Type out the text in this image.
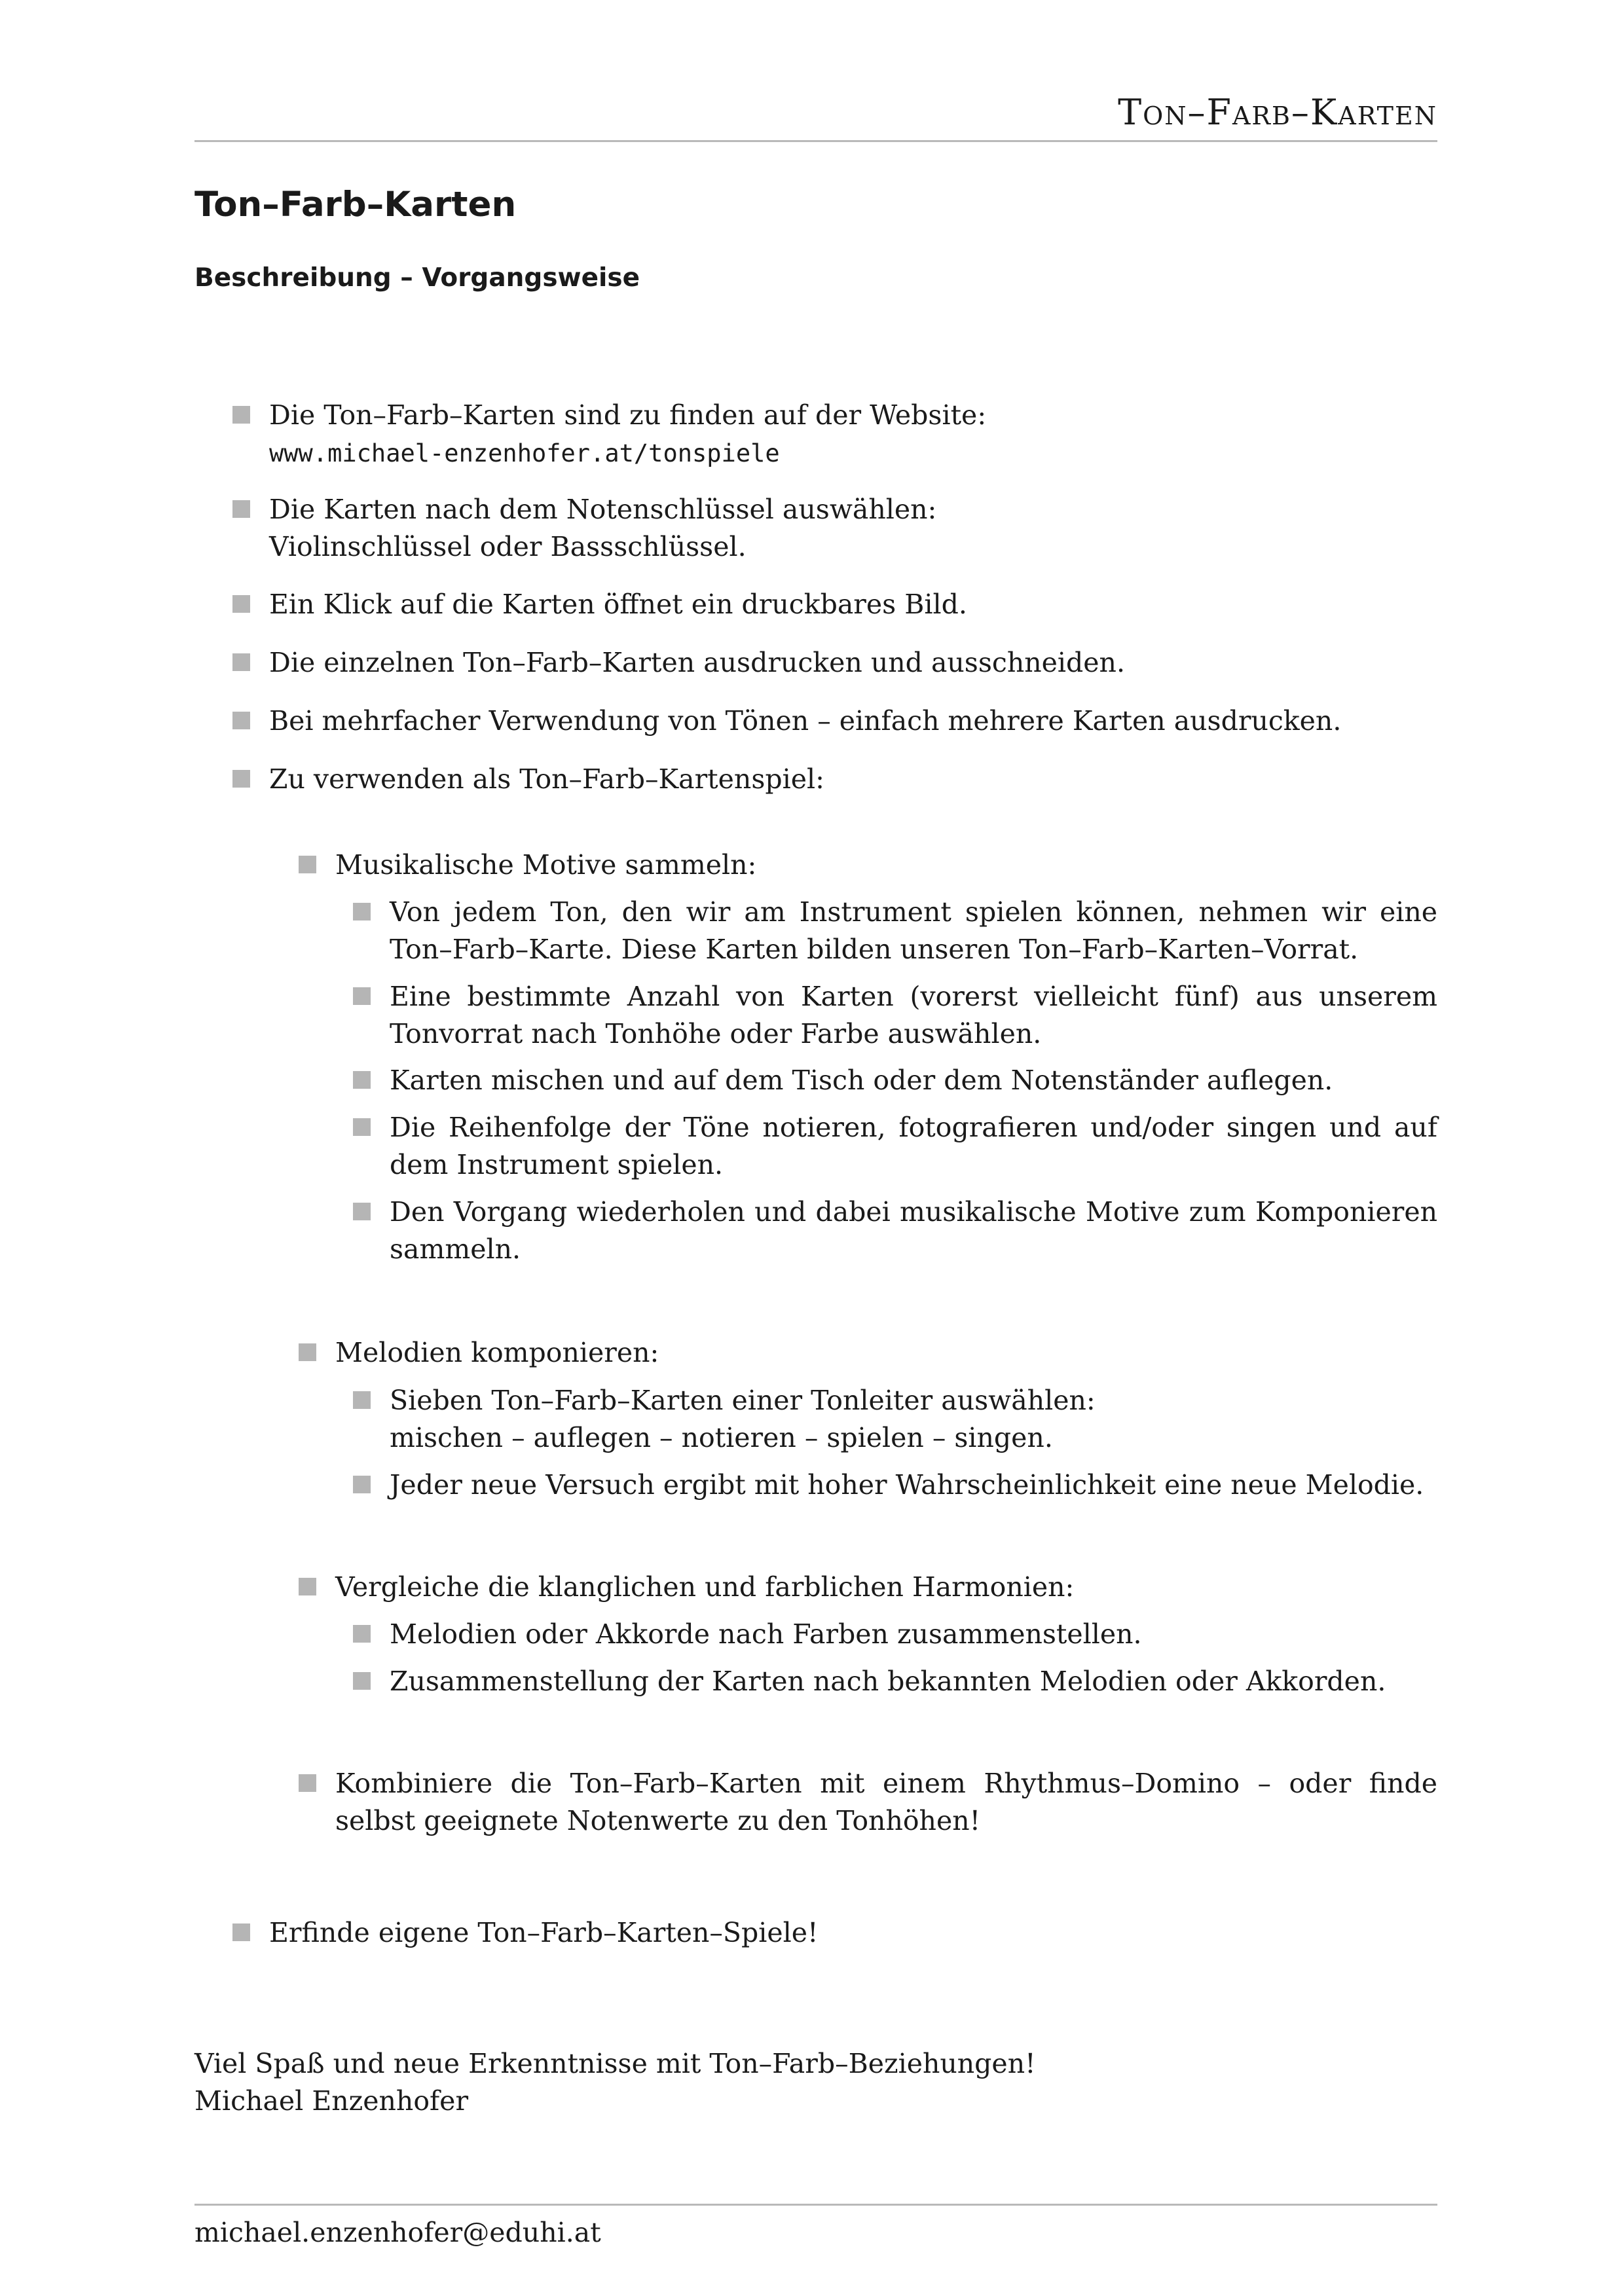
Ton–Farb–Karten
Ton–Farb–Karten
Beschreibung – Vorgangsweise
Die Ton–Farb–Karten sind zu finden auf der Website:
www.michael-enzenhofer.at/tonspiele
Die Karten nach dem Notenschlüssel auswählen:
Violinschlüssel oder Bassschlüssel.
Ein Klick auf die Karten öffnet ein druckbares Bild.
Die einzelnen Ton–Farb–Karten ausdrucken und ausschneiden.
Bei mehrfacher Verwendung von Tönen – einfach mehrere Karten ausdrucken.
Zu verwenden als Ton–Farb–Kartenspiel:
Musikalische Motive sammeln:
Von jedem Ton, den wir am Instrument spielen können, nehmen wir eine Ton–Farb–Karte. Diese Karten bilden unseren Ton–Farb–Karten–Vorrat.
Eine bestimmte Anzahl von Karten (vorerst vielleicht fünf) aus unserem Tonvorrat nach Tonhöhe oder Farbe auswählen.
Karten mischen und auf dem Tisch oder dem Notenständer auflegen.
Die Reihenfolge der Töne notieren, fotografieren und/oder singen und auf dem Instrument spielen.
Den Vorgang wiederholen und dabei musikalische Motive zum Komponieren sammeln.
Melodien komponieren:
Sieben Ton–Farb–Karten einer Tonleiter auswählen:
mischen – auflegen – notieren – spielen – singen.
Jeder neue Versuch ergibt mit hoher Wahrscheinlichkeit eine neue Melodie.
Vergleiche die klanglichen und farblichen Harmonien:
Melodien oder Akkorde nach Farben zusammenstellen.
Zusammenstellung der Karten nach bekannten Melodien oder Akkorden.
Kombiniere die Ton–Farb–Karten mit einem Rhythmus–Domino – oder finde selbst geeignete Notenwerte zu den Tonhöhen!
Erfinde eigene Ton–Farb–Karten–Spiele!
Viel Spaß und neue Erkenntnisse mit Ton–Farb–Beziehungen!
Michael Enzenhofer
michael.enzenhofer@eduhi.at
